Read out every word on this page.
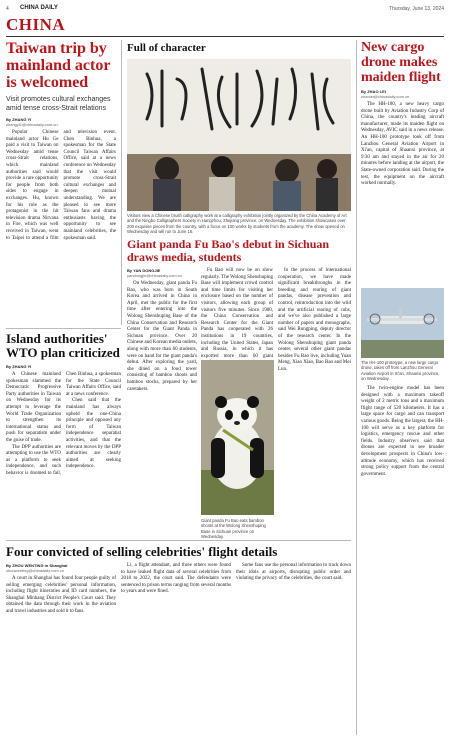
4 CHINA DAILY	Thursday, June 13, 2024
CHINA
Taiwan trip by mainland actor is welcomed
Visit promotes cultural exchanges amid tense cross-Strait relations
By ZHANG YI
zhangyi1@chinadaily.com.cn

Popular Chinese mainland actor Hu Ge paid a visit to Taiwan on Wednesday amid tense cross-Strait relations, which mainland authorities said would provide a rare opportunity for people from both sides to engage in exchanges. Hu, known for his role as the protagonist in the hit television drama Nirvana in Fire, which was well received in Taiwan, went to Taipei to attend a film and television event. Chen Binhua, a spokesman for the State Council Taiwan Affairs Office, said at a news conference on Wednesday that the visit would promote cross-Strait cultural exchanges and deepen mutual understanding. We are pleased to see more Taiwan fans and drama enthusiasts having the opportunity to see mainland celebrities, the spokesman said.

Full of character
Visitors view a Chinese brush calligraphy work at a calligraphy exhibition jointly organized by the China Academy of Art and the Ningbo Calligraphers Society in Hangzhou, Zhejiang province, on Wednesday. The exhibition showcases over 200 exquisite pieces from the country, with a focus on 100 works by students from the academy. The show opened on Wednesday and will run to June 16.
Giant panda Fu Bao's debut in Sichuan draws media, students
By YAN DONGJIE
yandongjie@chinadaily.com.cn

On Wednesday, giant panda Fu Bao, who was born in South Korea and arrived in China in April, met the public for the first time after entering into the Wolong Shenshuping Base of the China Conservation and Research Center for the Giant Panda in Sichuan province. Over 20 Chinese and Korean media outlets, along with more than 60 students, were on hand for the giant panda's debut. After exploring the yard, she dined on a food tower consisting of bamboo shoots and bamboo stocks, prepared by her caretakers.

Fu Bao will now be on show regularly. The Wolong Shenshuping Base will implement crowd control and time limits for visiting her enclosure based on the number of visitors, allowing each group of visitors five minutes. Since 1980, the China Conservation and Research Center for the Giant Panda has cooperated with 26 institutions in 19 countries, including the United States, Japan and Russia, in which it has exported more than 60 giant

In the process of international cooperation, we have made significant breakthroughs in the breeding and rearing of giant pandas, disease prevention and control, reintroduction into the wild and the artificial rearing of cubs, and we've also published a large number of papers and monographs, said Wei Rongping, deputy director of the research center. In the Wolong Shenshuping giant panda center, several other giant pandas besides Fu Bao live, including Yuan Meng, Xiao Xiao, Bao Bao and Mei Lun.

Giant panda Fu Bao eats bamboo shoots at the Wolong Shenshuping Base in Sichuan province on Wednesday.
Island authorities' WTO plan criticized
By ZHANG YI

A Chinese mainland spokesman slammed the Democratic Progressive Party authorities in Taiwan on Wednesday for its attempt to leverage the World Trade Organization to strengthen its international status and push for separatism under the guise of trade.

The DPP authorities are attempting to use the WTO as a platform to seek independence, and such behavior is doomed to fail, Chen Binhua, a spokesman for the State Council Taiwan Affairs Office, said at a news conference.

Chen said that the mainland has always upheld the one-China principle and opposed any form of Taiwan independence separatist activities, and that the relevant moves by the DPP authorities are clearly aimed at seeking independence.

Four convicted of selling celebrities' flight details
By ZHOU WENTING in Shanghai
zhouwenting@chinadaily.com.cn

A court in Shanghai has found four people guilty of selling emerging celebrities' personal information, including flight itineraries and ID card numbers, the Shanghai Minhang District People's Court said. They obtained the data through their work in the aviation and travel industries and sold it to fans.

Li, a flight attendant, and three others were found to have leaked flight data of several celebrities from 2018 to 2022, the court said. The defendants were sentenced to prison terms ranging from several months to years and were fined.

Some fans use the personal information to track down their idols at airports, disrupting public order and violating the privacy of the celebrities, the court said.

New cargo drone makes maiden flight
By ZHAO LEI
zhaolei@chinadaily.com.cn

The HH-100, a new heavy cargo drone built by Aviation Industry Corp of China, the country's leading aircraft manufacturer, made its maiden flight on Wednesday, AVIC said in a news release. An HH-100 prototype took off from Lanzhou General Aviation Airport in Xi'an, capital of Shaanxi province, at 9:30 am and stayed in the air for 20 minutes before landing at the airport, the State-owned corporation said. During the test, the equipment on the aircraft worked normally.

The HH-100 prototype, a new large cargo drone, takes off from Lanzhou General Aviation Airport in Xi'an, Shaanxi province, on Wednesday.

The twin-engine model has been designed with a maximum takeoff weight of 2 metric tons and a maximum flight range of 520 kilometers. It has a large space for cargo and can transport various goods. Being the largest, the HH-100 will serve as a key platform for logistics, emergency rescue and other fields. Industry observers said that drones are expected to see broader development prospects in China's low-altitude economy, which has received strong policy support from the central government.
